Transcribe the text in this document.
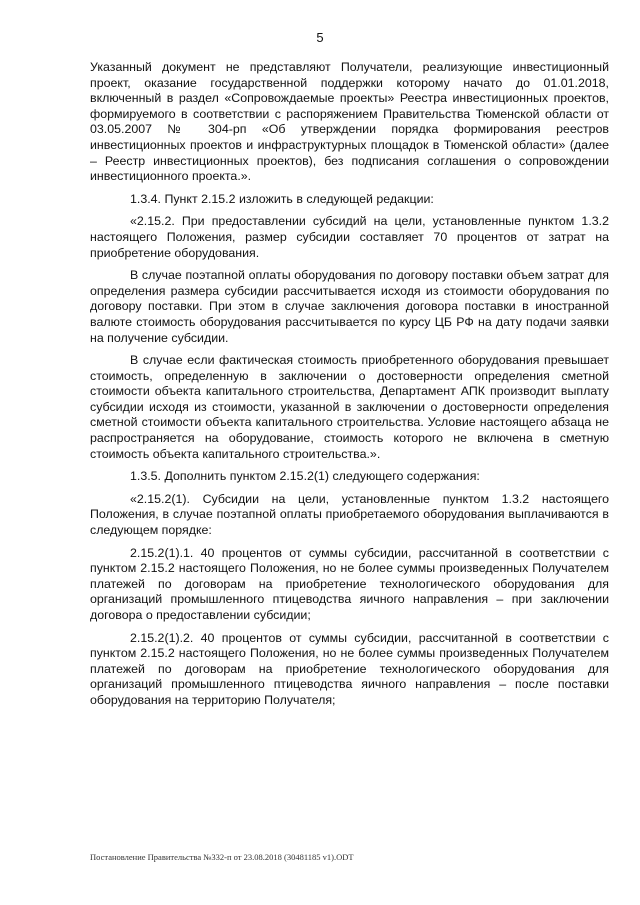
5

Указанный документ не представляют Получатели, реализующие инвестиционный проект, оказание государственной поддержки которому начато до 01.01.2018, включенный в раздел «Сопровождаемые проекты» Реестра инвестиционных проектов, формируемого в соответствии с распоряжением Правительства Тюменской области от 03.05.2007 № 304-рп «Об утверждении порядка формирования реестров инвестиционных проектов и инфраструктурных площадок в Тюменской области» (далее – Реестр инвестиционных проектов), без подписания соглашения о сопровождении инвестиционного проекта.».

1.3.4. Пункт 2.15.2 изложить в следующей редакции:

«2.15.2. При предоставлении субсидий на цели, установленные пунктом 1.3.2 настоящего Положения, размер субсидии составляет 70 процентов от затрат на приобретение оборудования.

В случае поэтапной оплаты оборудования по договору поставки объем затрат для определения размера субсидии рассчитывается исходя из стоимости оборудования по договору поставки. При этом в случае заключения договора поставки в иностранной валюте стоимость оборудования рассчитывается по курсу ЦБ РФ на дату подачи заявки на получение субсидии.

В случае если фактическая стоимость приобретенного оборудования превышает стоимость, определенную в заключении о достоверности определения сметной стоимости объекта капитального строительства, Департамент АПК производит выплату субсидии исходя из стоимости, указанной в заключении о достоверности определения сметной стоимости объекта капитального строительства. Условие настоящего абзаца не распространяется на оборудование, стоимость которого не включена в сметную стоимость объекта капитального строительства.».

1.3.5. Дополнить пунктом 2.15.2(1) следующего содержания:

«2.15.2(1). Субсидии на цели, установленные пунктом 1.3.2 настоящего Положения, в случае поэтапной оплаты приобретаемого оборудования выплачиваются в следующем порядке:

2.15.2(1).1. 40 процентов от суммы субсидии, рассчитанной в соответствии с пунктом 2.15.2 настоящего Положения, но не более суммы произведенных Получателем платежей по договорам на приобретение технологического оборудования для организаций промышленного птицеводства яичного направления – при заключении договора о предоставлении субсидии;

2.15.2(1).2. 40 процентов от суммы субсидии, рассчитанной в соответствии с пунктом 2.15.2 настоящего Положения, но не более суммы произведенных Получателем платежей по договорам на приобретение технологического оборудования для организаций промышленного птицеводства яичного направления – после поставки оборудования на территорию Получателя;

Постановление Правительства №332-п от 23.08.2018 (30481185 v1).ODT
